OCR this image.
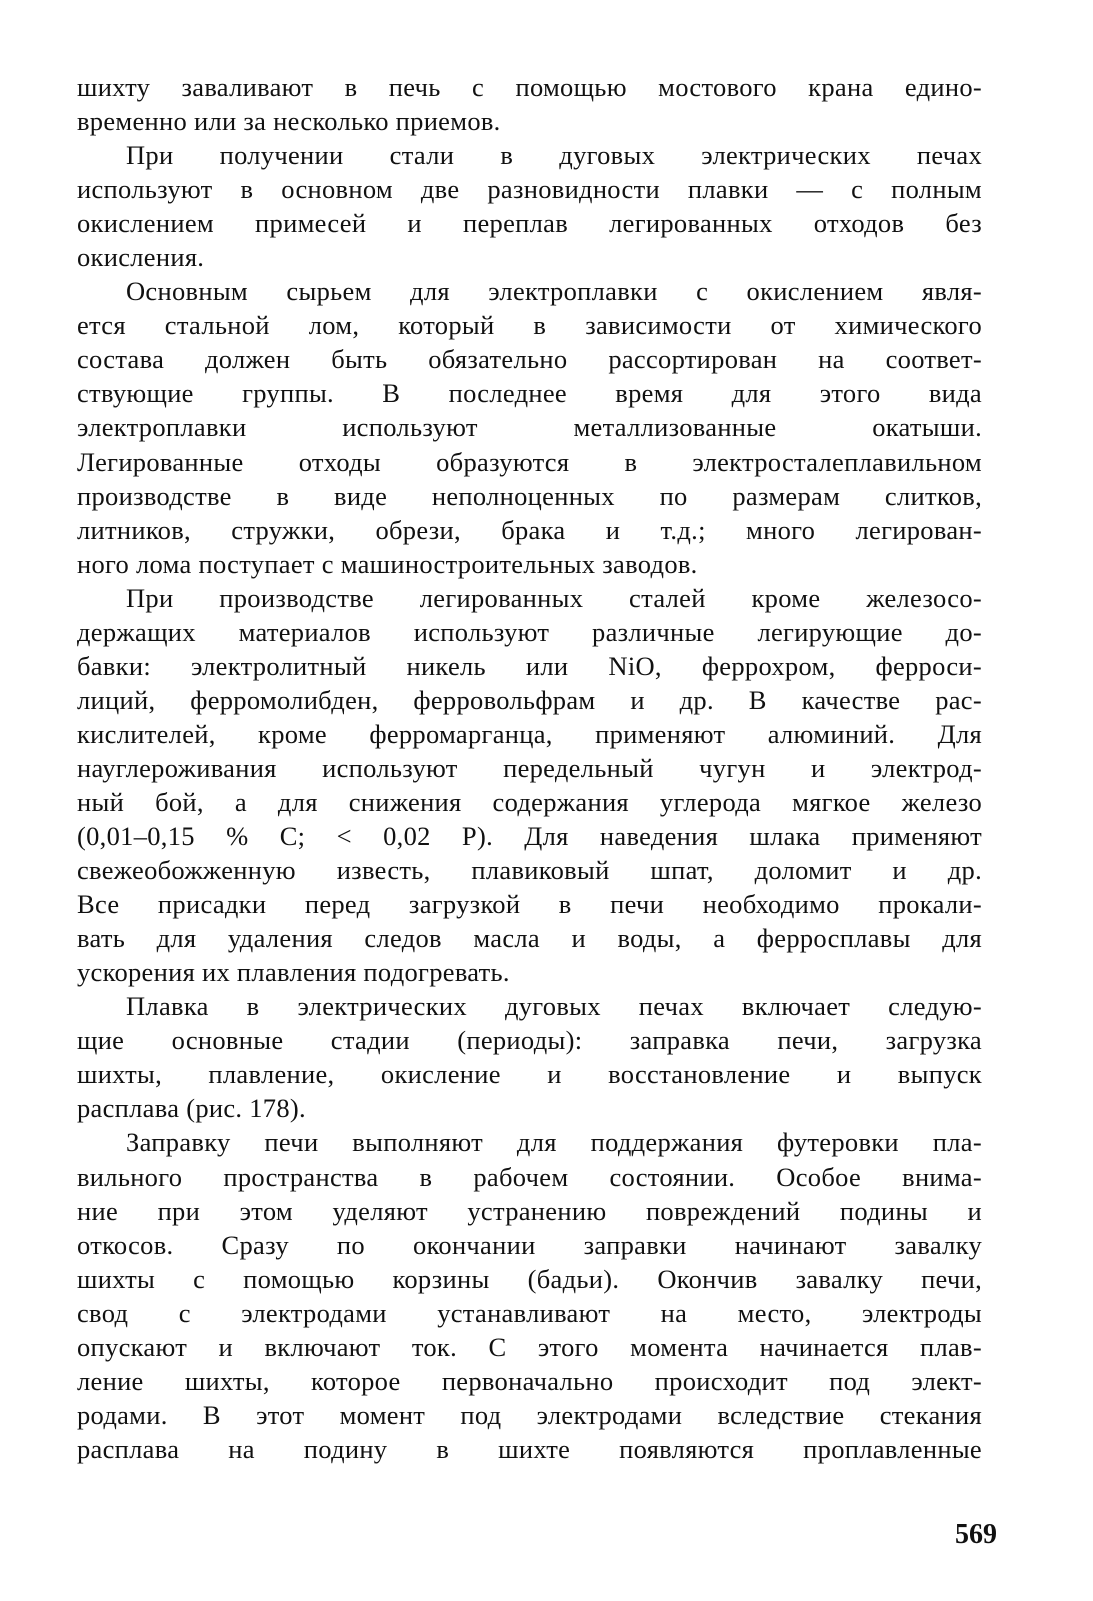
шихту заваливают в печь с помощью мостового крана едино-
временно или за несколько приемов.
При получении стали в дуговых электрических печах
используют в основном две разновидности плавки — с полным
окислением примесей и переплав легированных отходов без
окисления.
Основным сырьем для электроплавки с окислением явля-
ется стальной лом, который в зависимости от химического
состава должен быть обязательно рассортирован на соответ-
ствующие группы. В последнее время для этого вида
электроплавки используют металлизованные окатыши.
Легированные отходы образуются в электросталеплавильном
производстве в виде неполноценных по размерам слитков,
литников, стружки, обрези, брака и т.д.; много легирован-
ного лома поступает с машиностроительных заводов.
При производстве легированных сталей кроме железосо-
держащих материалов используют различные легирующие до-
бавки: электролитный никель или NiO, феррохром, ферроси-
лиций, ферромолибден, ферровольфрам и др. В качестве рас-
кислителей, кроме ферромарганца, применяют алюминий. Для
науглероживания используют передельный чугун и электрод-
ный бой, а для снижения содержания углерода мягкое железо
(0,01–0,15 % С; < 0,02 Р). Для наведения шлака применяют
свежеобожженную известь, плавиковый шпат, доломит и др.
Все присадки перед загрузкой в печи необходимо прокали-
вать для удаления следов масла и воды, а ферросплавы для
ускорения их плавления подогревать.
Плавка в электрических дуговых печах включает следую-
щие основные стадии (периоды): заправка печи, загрузка
шихты, плавление, окисление и восстановление и выпуск
расплава (рис. 178).
Заправку печи выполняют для поддержания футеровки пла-
вильного пространства в рабочем состоянии. Особое внима-
ние при этом уделяют устранению повреждений подины и
откосов. Сразу по окончании заправки начинают завалку
шихты с помощью корзины (бадьи). Окончив завалку печи,
свод с электродами устанавливают на место, электроды
опускают и включают ток. С этого момента начинается плав-
ление шихты, которое первоначально происходит под элект-
родами. В этот момент под электродами вследствие стекания
расплава на подину в шихте появляются проплавленные
569
